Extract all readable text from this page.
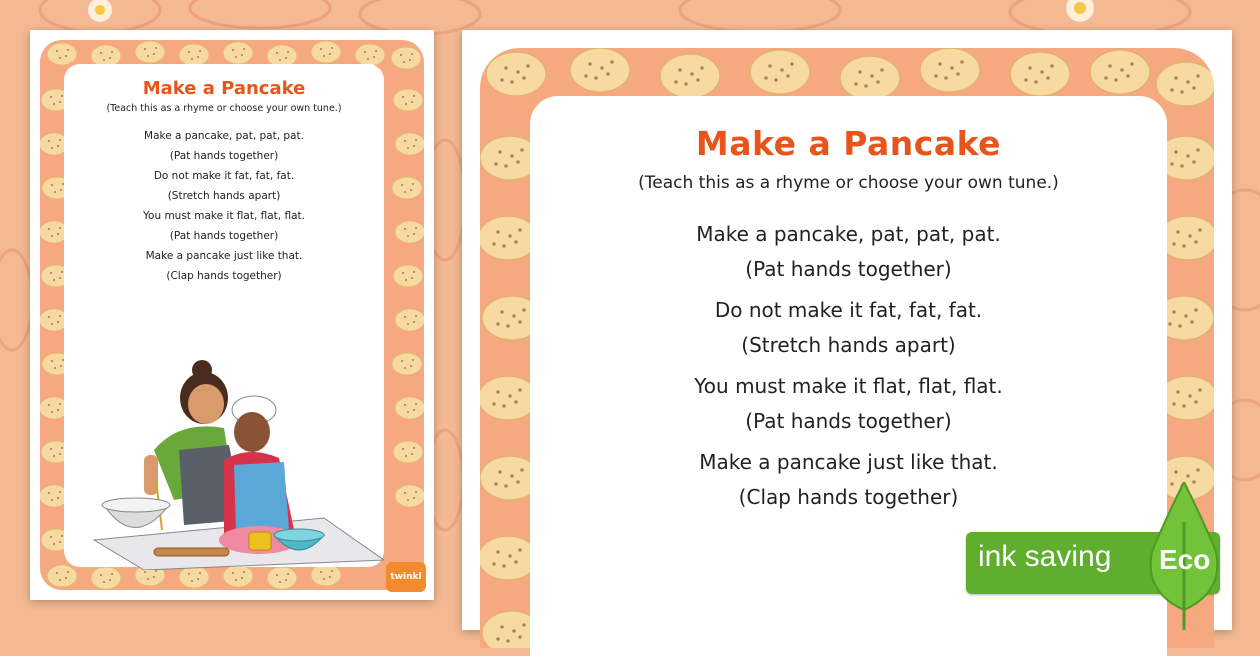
Make a Pancake
(Teach this as a rhyme or choose your own tune.)
Make a pancake, pat, pat, pat.
(Pat hands together)
Do not make it fat, fat, fat.
(Stretch hands apart)
You must make it flat, flat, flat.
(Pat hands together)
Make a pancake just like that.
(Clap hands together)
twinkl
Make a Pancake
(Teach this as a rhyme or choose your own tune.)
Make a pancake, pat, pat, pat.
(Pat hands together)
Do not make it fat, fat, fat.
(Stretch hands apart)
You must make it flat, flat, flat.
(Pat hands together)
Make a pancake just like that.
(Clap hands together)
ink saving Eco
